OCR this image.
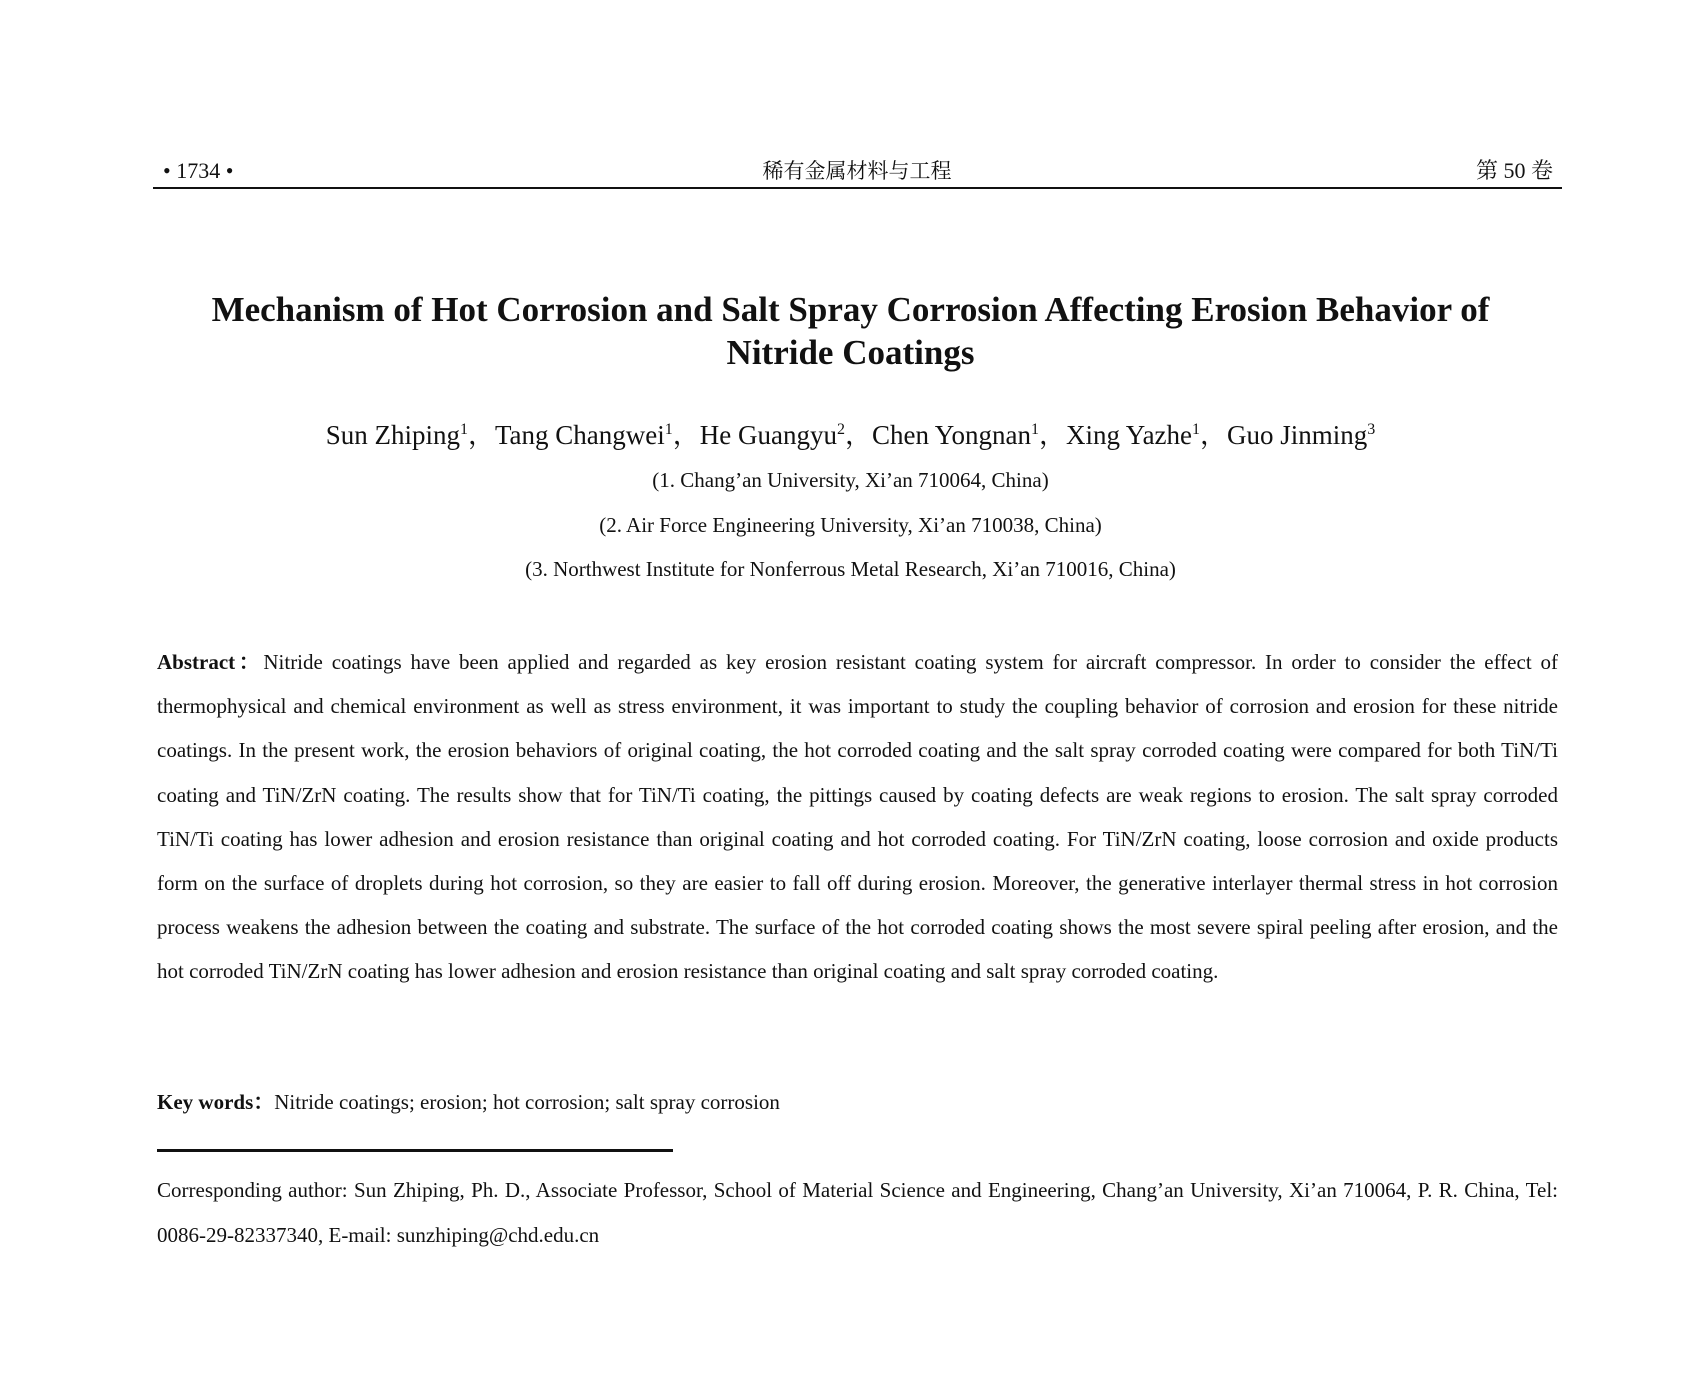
• 1734 •	稀有金属材料与工程	第 50 卷
Mechanism of Hot Corrosion and Salt Spray Corrosion Affecting Erosion Behavior of Nitride Coatings
Sun Zhiping$^1$，Tang Changwei$^1$，He Guangyu$^2$，Chen Yongnan$^1$，Xing Yazhe$^1$，Guo Jinming$^3$
(1. Chang’an University, Xi’an 710064, China)
(2. Air Force Engineering University, Xi’an 710038, China)
(3. Northwest Institute for Nonferrous Metal Research, Xi’an 710016, China)
Abstract：Nitride coatings have been applied and regarded as key erosion resistant coating system for aircraft compressor. In order to consider the effect of thermophysical and chemical environment as well as stress environment, it was important to study the coupling behavior of corrosion and erosion for these nitride coatings. In the present work, the erosion behaviors of original coating, the hot corroded coating and the salt spray corroded coating were compared for both TiN/Ti coating and TiN/ZrN coating. The results show that for TiN/Ti coating, the pittings caused by coating defects are weak regions to erosion. The salt spray corroded TiN/Ti coating has lower adhesion and erosion resistance than original coating and hot corroded coating. For TiN/ZrN coating, loose corrosion and oxide products form on the surface of droplets during hot corrosion, so they are easier to fall off during erosion. Moreover, the generative interlayer thermal stress in hot corrosion process weakens the adhesion between the coating and substrate. The surface of the hot corroded coating shows the most severe spiral peeling after erosion, and the hot corroded TiN/ZrN coating has lower adhesion and erosion resistance than original coating and salt spray corroded coating.
Key words：Nitride coatings; erosion; hot corrosion; salt spray corrosion
Corresponding author: Sun Zhiping, Ph. D., Associate Professor, School of Material Science and Engineering, Chang’an University, Xi’an 710064, P. R. China, Tel: 0086-29-82337340, E-mail: sunzhiping@chd.edu.cn
